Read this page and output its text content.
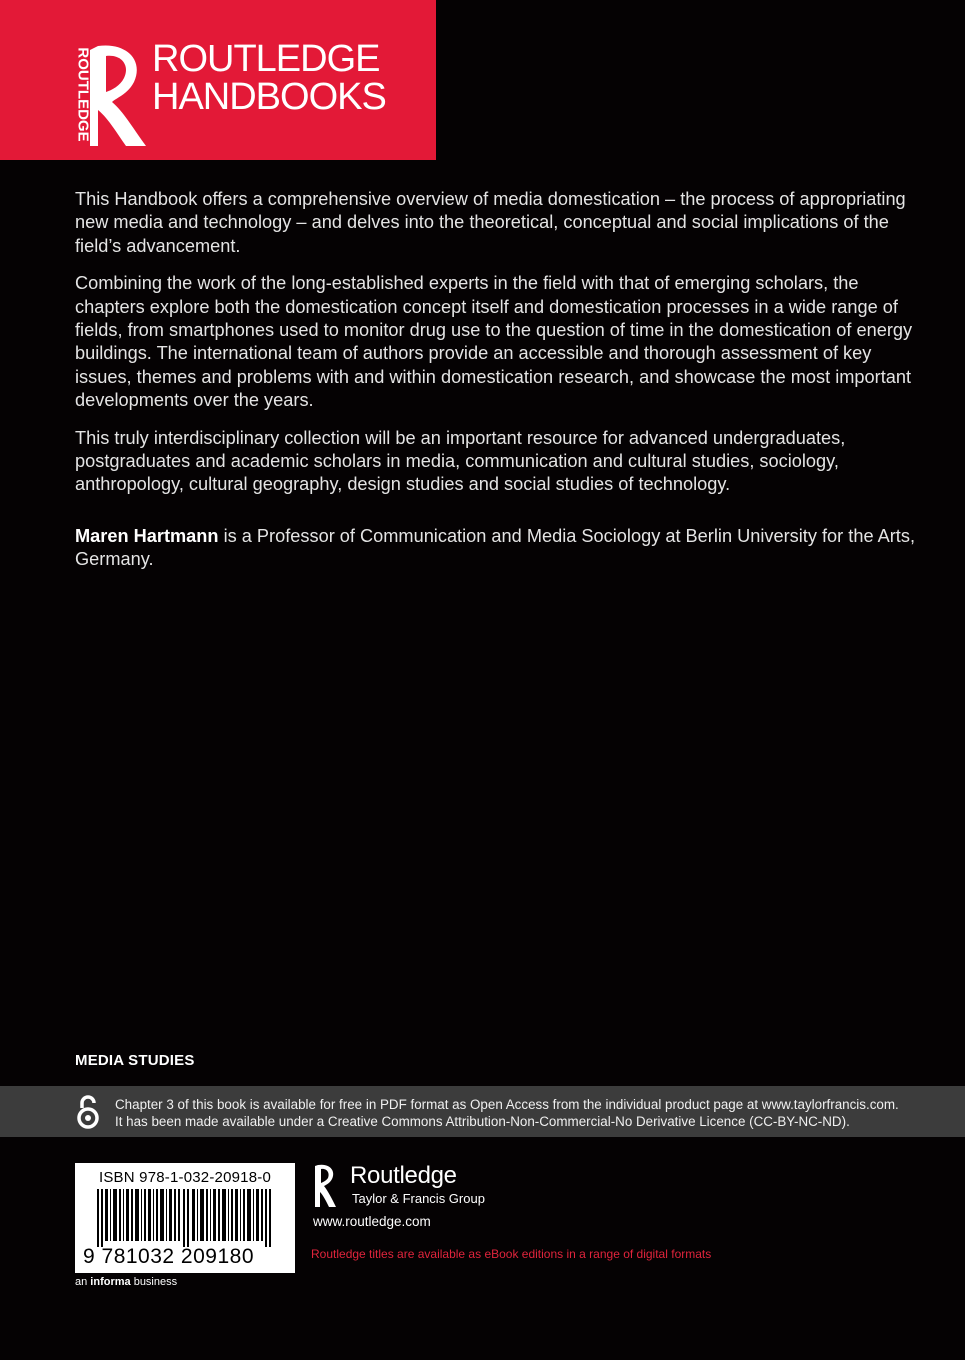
ROUTLEDGE ROUTLEDGE
HANDBOOKS

This Handbook offers a comprehensive overview of media domestication – the process of appropriating new media and technology – and delves into the theoretical, conceptual and social implications of the field’s advancement.

Combining the work of the long-established experts in the field with that of emerging scholars, the chapters explore both the domestication concept itself and domestication processes in a wide range of fields, from smartphones used to monitor drug use to the question of time in the domestication of energy buildings. The international team of authors provide an accessible and thorough assessment of key issues, themes and problems with and within domestication research, and showcase the most important developments over the years.

This truly interdisciplinary collection will be an important resource for advanced undergraduates, postgraduates and academic scholars in media, communication and cultural studies, sociology, anthropology, cultural geography, design studies and social studies of technology.

Maren Hartmann is a Professor of Communication and Media Sociology at Berlin University for the Arts, Germany.
MEDIA STUDIES
Chapter 3 of this book is available for free in PDF format as Open Access from the individual product page at www.taylorfrancis.com.
It has been made available under a Creative Commons Attribution-Non-Commercial-No Derivative Licence (CC-BY-NC-ND).
ISBN 978-1-032-20918-0
9 781032 209180
an informa business
Routledge
Taylor & Francis Group
www.routledge.com
Routledge titles are available as eBook editions in a range of digital formats
